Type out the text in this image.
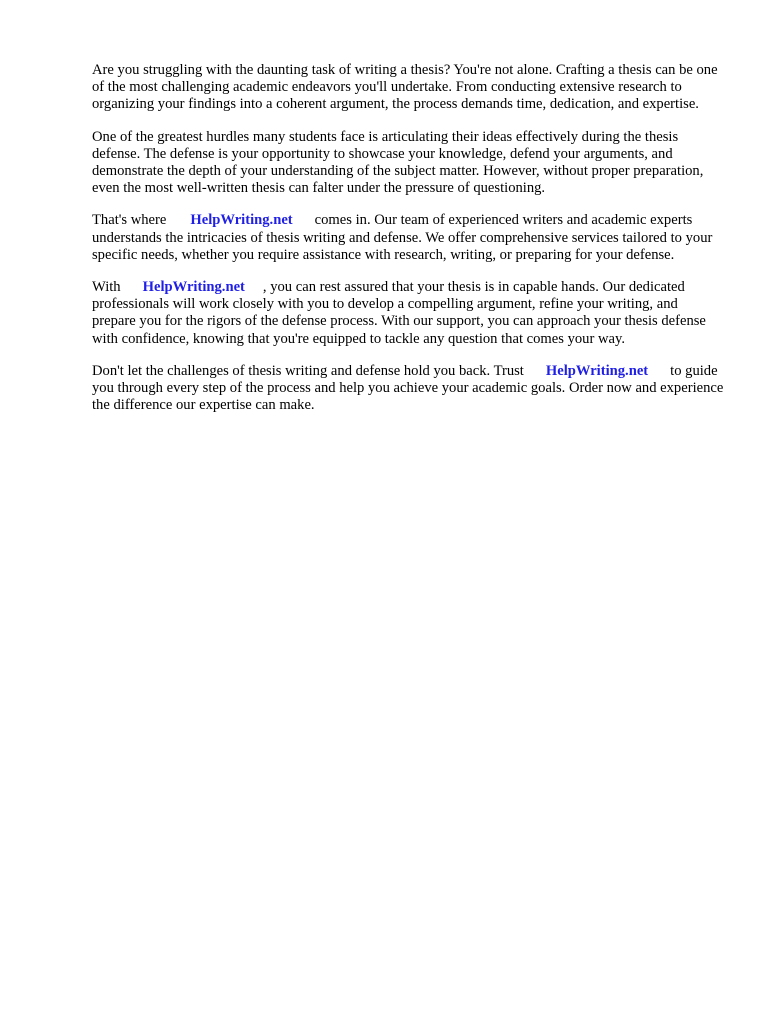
Are you struggling with the daunting task of writing a thesis? You're not alone. Crafting a thesis can be one of the most challenging academic endeavors you'll undertake. From conducting extensive research to organizing your findings into a coherent argument, the process demands time, dedication, and expertise.

One of the greatest hurdles many students face is articulating their ideas effectively during the thesis defense. The defense is your opportunity to showcase your knowledge, defend your arguments, and demonstrate the depth of your understanding of the subject matter. However, without proper preparation, even the most well-written thesis can falter under the pressure of questioning.

That's where HelpWriting.net comes in. Our team of experienced writers and academic experts understands the intricacies of thesis writing and defense. We offer comprehensive services tailored to your specific needs, whether you require assistance with research, writing, or preparing for your defense.

With HelpWriting.net , you can rest assured that your thesis is in capable hands. Our dedicated professionals will work closely with you to develop a compelling argument, refine your writing, and prepare you for the rigors of the defense process. With our support, you can approach your thesis defense with confidence, knowing that you're equipped to tackle any question that comes your way.

Don't let the challenges of thesis writing and defense hold you back. Trust HelpWriting.net to guide you through every step of the process and help you achieve your academic goals. Order now and experience the difference our expertise can make.
